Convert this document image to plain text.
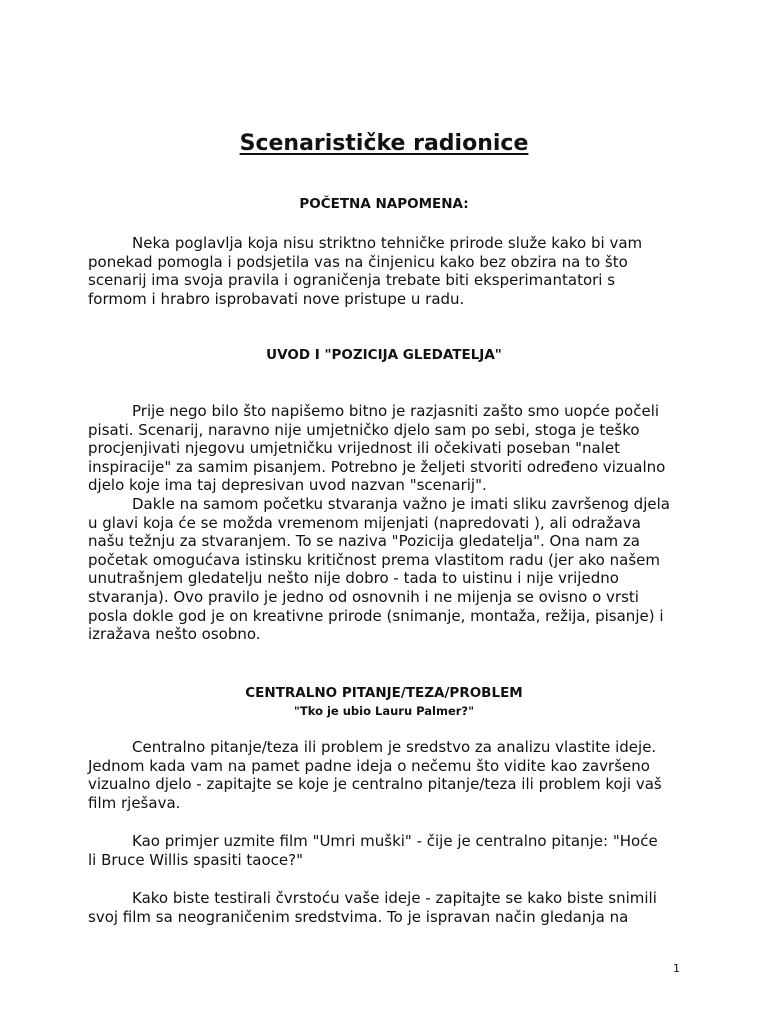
Scenarističke radionice
POČETNA NAPOMENA:
Neka poglavlja koja nisu striktno tehničke prirode služe kako bi vam
ponekad pomogla i podsjetila vas na činjenicu kako bez obzira na to što
scenarij ima svoja pravila i ograničenja trebate biti eksperimantatori s
formom i hrabro isprobavati nove pristupe u radu.
UVOD I "POZICIJA GLEDATELJA"
Prije nego bilo što napišemo bitno je razjasniti zašto smo uopće počeli
pisati. Scenarij, naravno nije umjetničko djelo sam po sebi, stoga je teško
procjenjivati njegovu umjetničku vrijednost ili očekivati poseban "nalet
inspiracije" za samim pisanjem. Potrebno je željeti stvoriti određeno vizualno
djelo koje ima taj depresivan uvod nazvan "scenarij".
Dakle na samom početku stvaranja važno je imati sliku završenog djela
u glavi koja će se možda vremenom mijenjati (napredovati ), ali odražava
našu težnju za stvaranjem. To se naziva "Pozicija gledatelja". Ona nam za
početak omogućava istinsku kritičnost prema vlastitom radu (jer ako našem
unutrašnjem gledatelju nešto nije dobro - tada to uistinu i nije vrijedno
stvaranja). Ovo pravilo je jedno od osnovnih i ne mijenja se ovisno o vrsti
posla dokle god je on kreativne prirode (snimanje, montaža, režija, pisanje) i
izražava nešto osobno.
CENTRALNO PITANJE/TEZA/PROBLEM
"Tko je ubio Lauru Palmer?"
Centralno pitanje/teza ili problem je sredstvo za analizu vlastite ideje.
Jednom kada vam na pamet padne ideja o nečemu što vidite kao završeno
vizualno djelo - zapitajte se koje je centralno pitanje/teza ili problem koji vaš
film rješava.
Kao primjer uzmite film "Umri muški" - čije je centralno pitanje: "Hoće
li Bruce Willis spasiti taoce?"
Kako biste testirali čvrstoću vaše ideje - zapitajte se kako biste snimili
svoj film sa neograničenim sredstvima. To je ispravan način gledanja na
1
